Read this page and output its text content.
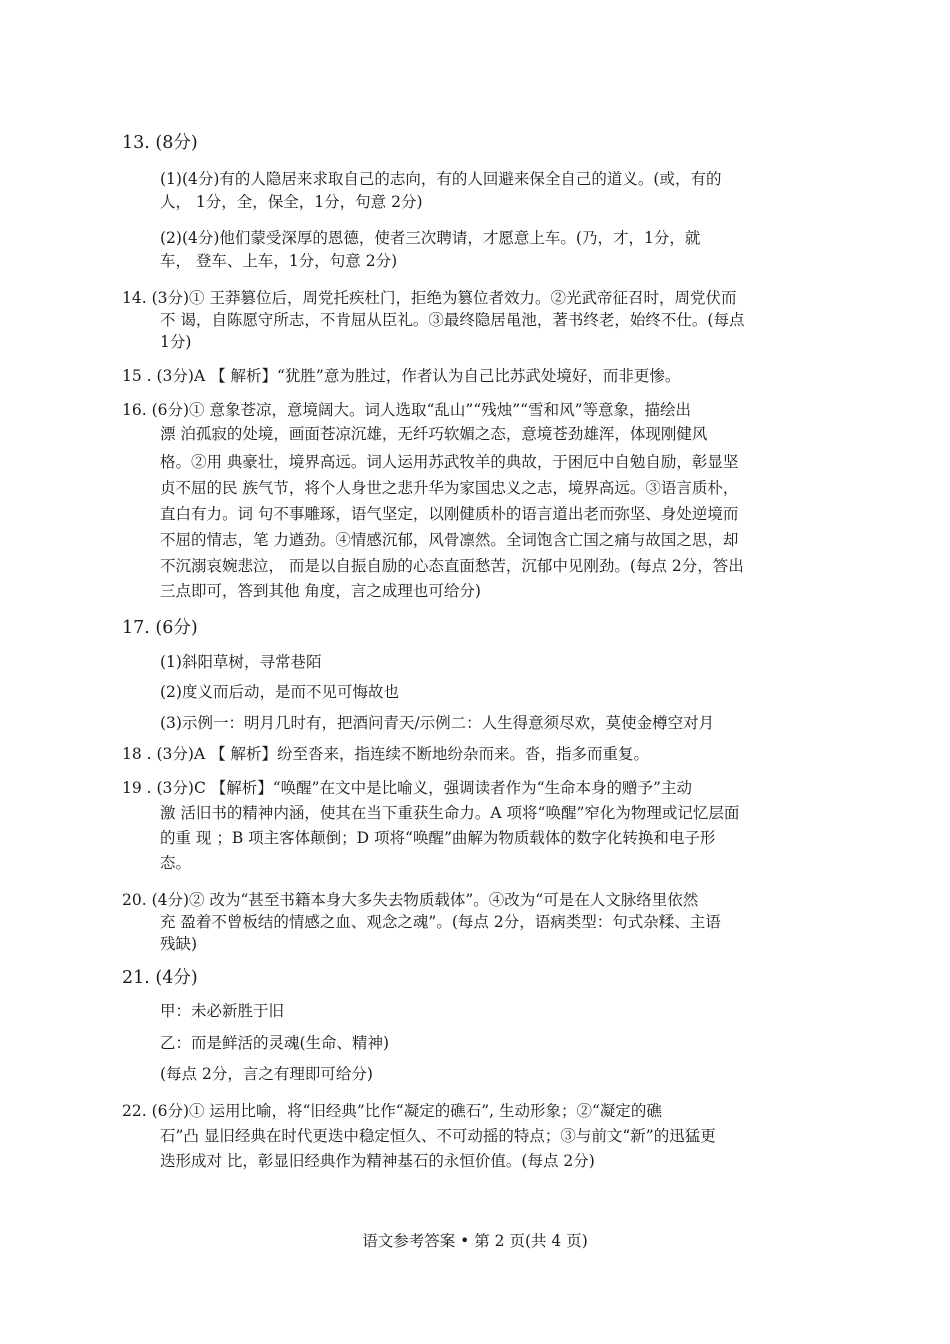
13. (8分)
(1)(4分)有的人隐居来求取自己的志向，有的人回避来保全自己的道义。(或，有的
人， 1分，全，保全，1分，句意 2分)
(2)(4分)他们蒙受深厚的恩德，使者三次聘请，才愿意上车。(乃，才，1分，就
车， 登车、上车，1分，句意 2分)
14. (3分)① 王莽篡位后，周党托疾杜门，拒绝为篡位者效力。②光武帝征召时，周党伏而
不 谒，自陈愿守所志，不肯屈从臣礼。③最终隐居黾池，著书终老，始终不仕。(每点
1分)
15 . (3分)A 【 解析】“犹胜”意为胜过，作者认为自己比苏武处境好，而非更惨。
16. (6分)① 意象苍凉，意境阔大。词人选取“乱山”“残烛”“雪和风”等意象，描绘出
漂 泊孤寂的处境，画面苍凉沉雄，无纤巧软媚之态，意境苍劲雄浑，体现刚健风
格。②用 典豪壮，境界高远。词人运用苏武牧羊的典故，于困厄中自勉自励，彰显坚
贞不屈的民 族气节，将个人身世之悲升华为家国忠义之志，境界高远。③语言质朴，
直白有力。词 句不事雕琢，语气坚定，以刚健质朴的语言道出老而弥坚、身处逆境而
不屈的情志，笔 力遒劲。④情感沉郁，风骨凛然。全词饱含亡国之痛与故国之思，却
不沉溺哀婉悲泣， 而是以自振自励的心态直面愁苦，沉郁中见刚劲。(每点 2分，答出
三点即可，答到其他 角度，言之成理也可给分)
17. (6分)
(1)斜阳草树，寻常巷陌
(2)度义而后动，是而不见可悔故也
(3)示例一：明月几时有，把酒问青天/示例二：人生得意须尽欢，莫使金樽空对月
18 . (3分)A 【 解析】纷至沓来，指连续不断地纷杂而来。沓，指多而重复。
19 . (3分)C 【解析】“唤醒”在文中是比喻义，强调读者作为“生命本身的赠予”主动
激 活旧书的精神内涵，使其在当下重获生命力。A 项将“唤醒”窄化为物理或记忆层面
的重 现 ；B 项主客体颠倒；D 项将“唤醒”曲解为物质载体的数字化转换和电子形
态。
20. (4分)② 改为“甚至书籍本身大多失去物质载体”。④改为“可是在人文脉络里依然
充 盈着不曾板结的情感之血、观念之魂”。(每点 2分，语病类型：句式杂糅、主语
残缺)
21. (4分)
甲：未必新胜于旧
乙：而是鲜活的灵魂(生命、精神)
(每点 2分，言之有理即可给分)
22. (6分)① 运用比喻，将“旧经典”比作“凝定的礁石”, 生动形象；②“凝定的礁
石”凸 显旧经典在时代更迭中稳定恒久、不可动摇的特点；③与前文“新”的迅猛更
迭形成对 比，彰显旧经典作为精神基石的永恒价值。(每点 2分)
语文参考答案 • 第 2 页(共 4 页)
